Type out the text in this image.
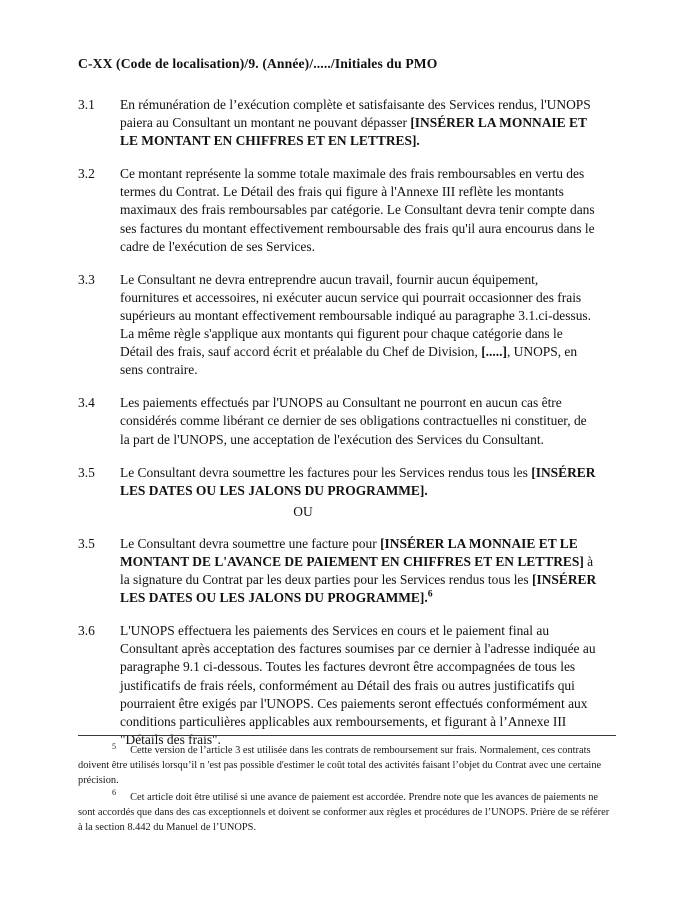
C-XX (Code de localisation)/9. (Année)/...../Initiales du PMO
3.1	En rémunération de l’exécution complète et satisfaisante des Services rendus, l'UNOPS paiera au Consultant un montant ne pouvant dépasser [INSÉRER LA MONNAIE ET LE MONTANT EN CHIFFRES ET EN LETTRES].
3.2	Ce montant représente la somme totale maximale des frais remboursables en vertu des termes du Contrat. Le Détail des frais qui figure à l'Annexe III reflète les montants maximaux des frais remboursables par catégorie. Le Consultant devra tenir compte dans ses factures du montant effectivement remboursable des frais qu'il aura encourus dans le cadre de l'exécution de ses Services.
3.3	Le Consultant ne devra entreprendre aucun travail, fournir aucun équipement, fournitures et accessoires, ni exécuter aucun service qui pourrait occasionner des frais supérieurs au montant effectivement remboursable indiqué au paragraphe 3.1.ci-dessus. La même règle s'applique aux montants qui figurent pour chaque catégorie dans le Détail des frais, sauf accord écrit et préalable du Chef de Division, [.....], UNOPS, en sens contraire.
3.4	Les paiements effectués par l'UNOPS au Consultant ne pourront en aucun cas être considérés comme libérant ce dernier de ses obligations contractuelles ni constituer, de la part de l'UNOPS, une acceptation de l'exécution des Services du Consultant.
3.5	Le Consultant devra soumettre les factures pour les Services rendus tous les [INSÉRER LES DATES OU LES JALONS DU PROGRAMME].
OU
3.5	Le Consultant devra soumettre une facture pour [INSÉRER LA MONNAIE ET LE MONTANT DE L'AVANCE DE PAIEMENT EN CHIFFRES ET EN LETTRES] à la signature du Contrat par les deux parties pour les Services rendus tous les [INSÉRER LES DATES OU LES JALONS DU PROGRAMME].$^6$
3.6	L'UNOPS effectuera les paiements des Services en cours et le paiement final au Consultant après acceptation des factures soumises par ce dernier à l'adresse indiquée au paragraphe 9.1 ci-dessous. Toutes les factures devront être accompagnées de tous les justificatifs de frais réels, conformément au Détail des frais ou autres justificatifs qui pourraient être exigés par l'UNOPS. Ces paiements seront effectués conformément aux conditions particulières applicables aux remboursements, et figurant à l’Annexe III "Détails des frais".
$^5$ Cette version de l’article 3 est utilisée dans les contrats de remboursement sur frais. Normalement, ces contrats doivent être utilisés lorsqu’il n 'est pas possible d'estimer le coût total des activités faisant l’objet du Contrat avec une certaine précision.
$^6$ Cet article doit être utilisé si une avance de paiement est accordée. Prendre note que les avances de paiements ne sont accordés que dans des cas exceptionnels et doivent se conformer aux règles et procédures de l’UNOPS. Prière de se référer à la section 8.442 du Manuel de l’UNOPS.
